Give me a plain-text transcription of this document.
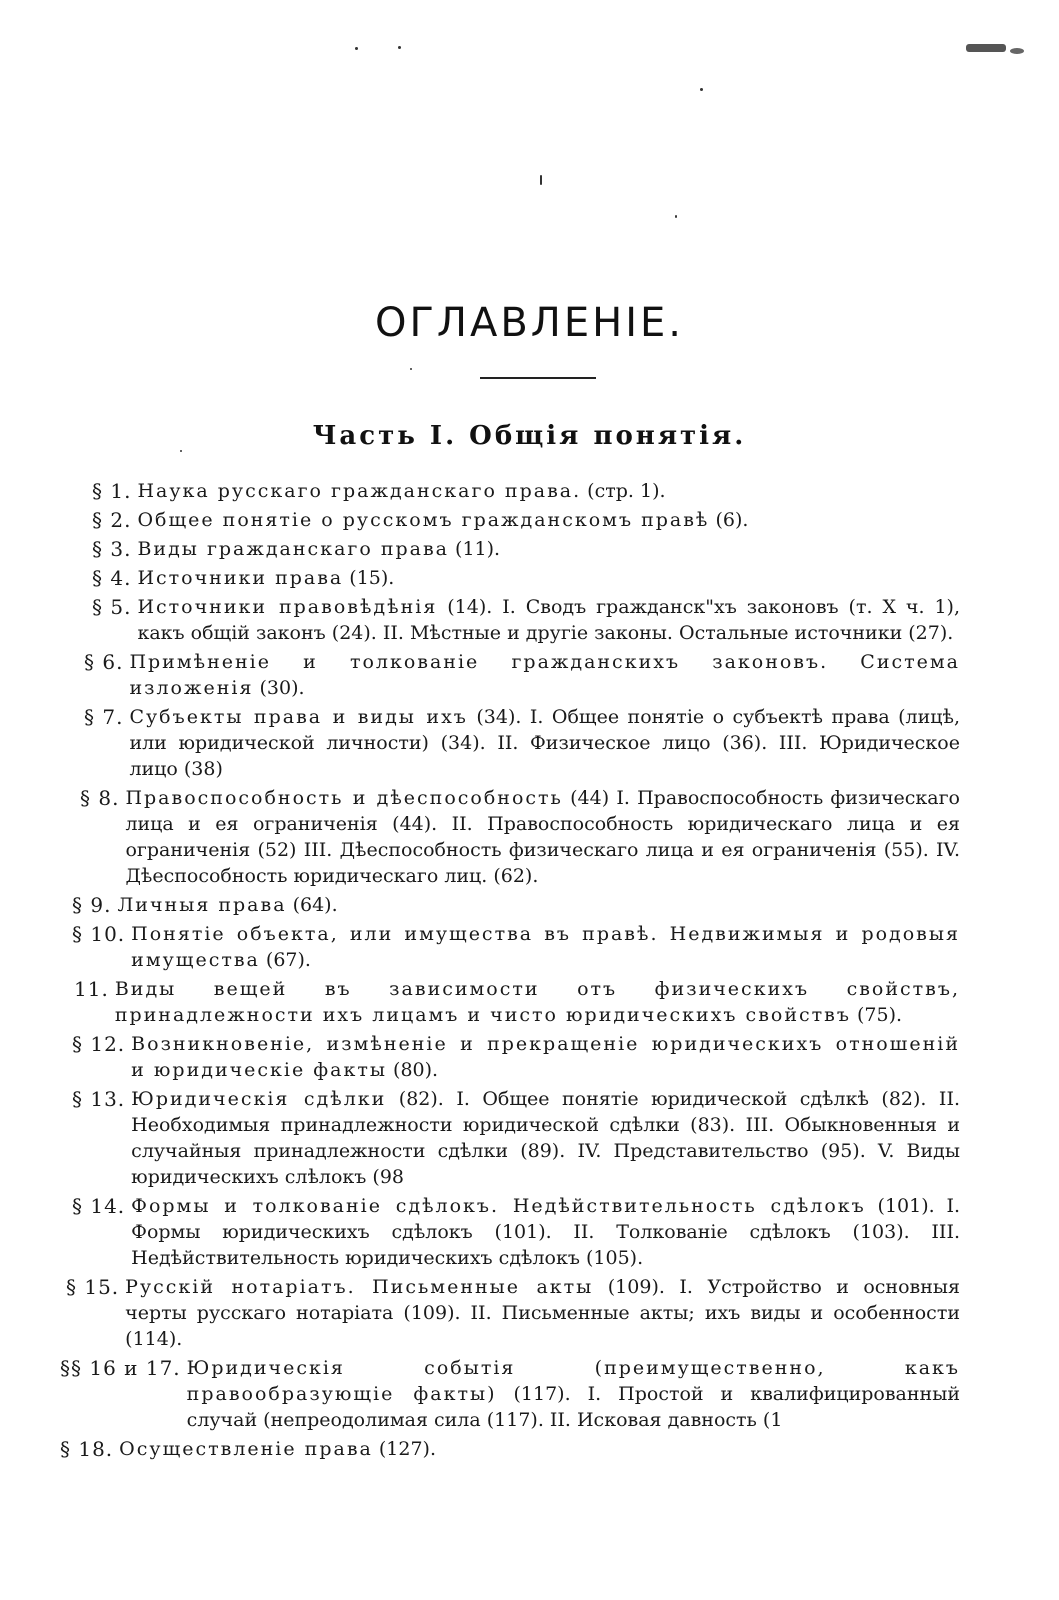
ОГЛАВЛЕНIЕ.
Часть I. Общiя понятiя.
§ 1. Наука русскаго гражданскаго права. (стр. 1).
§ 2. Общее понятiе о русскомъ гражданскомъ правѣ (6).
§ 3. Виды гражданскаго права (11).
§ 4. Источники права (15).
§ 5. Источники правовѣдѣнiя (14). I. Сводъ гражданск"хъ законовъ (т. X ч. 1), какъ общiй законъ (24). II. Мѣстные и другiе законы. Остальные источники (27).
§ 6. Примѣненiе и толкованiе гражданскихъ законовъ. Система изложенiя (30).
§ 7. Субъекты права и виды ихъ (34). I. Общее понятiе о субъектѣ права (лицѣ, или юридической личности) (34). II. Физическое лицо (36). III. Юридическое лицо (38)
§ 8. Правоспособность и дѣеспособность (44) I. Правоспособность физическаго лица и ея ограниченiя (44). II. Правоспособность юридическаго лица и ея ограниченiя (52) III. Дѣеспособность физическаго лица и ея ограниченiя (55). IV. Дѣеспособность юридическаго лиц. (62).
§ 9. Личныя права (64).
§ 10. Понятiе объекта, или имущества въ правѣ. Недвижимыя и родовыя имущества (67).
11. Виды вещей въ зависимости отъ физическихъ свойствъ, принадлежности ихъ лицамъ и чисто юридическихъ свойствъ (75).
§ 12. Возникновенiе, измѣненiе и прекращенiе юридическихъ отношенiй и юридическiе факты (80).
§ 13. Юридическiя сдѣлки (82). I. Общее понятiе юридической сдѣлкѣ (82). II. Необходимыя принадлежности юридической сдѣлки (83). III. Обыкновенныя и случайныя принадлежности сдѣлки (89). IV. Представительство (95). V. Виды юридическихъ слѣлокъ (98
§ 14. Формы и толкованiе сдѣлокъ. Недѣйствительность сдѣлокъ (101). I. Формы юридическихъ сдѣлокъ (101). II. Толкованiе сдѣлокъ (103). III. Недѣйствительность юридическихъ сдѣлокъ (105).
§ 15. Русскiй нотарiатъ. Письменные акты (109). I. Устройство и основныя черты русскаго нотарiата (109). II. Письменные акты; ихъ виды и особенности (114).
§§ 16 и 17. Юридическiя событiя (преимущественно, какъ правообразующiе факты) (117). I. Простой и квалифицированный случай (непреодолимая сила (117). II. Исковая давность (1
§ 18. Осуществленiе права (127).
